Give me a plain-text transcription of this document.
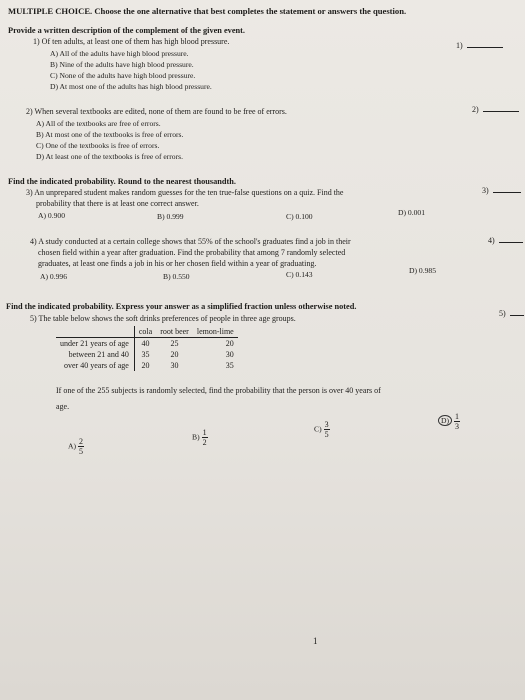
MULTIPLE CHOICE. Choose the one alternative that best completes the statement or answers the question.
Provide a written description of the complement of the given event.
1) Of ten adults, at least one of them has high blood pressure.	1)
A) All of the adults have high blood pressure.
B) Nine of the adults have high blood pressure.
C) None of the adults have high blood pressure.
D) At most one of the adults has high blood pressure.
2) When several textbooks are edited, none of them are found to be free of errors.	2)
A) All of the textbooks are free of errors.
B) At most one of the textbooks is free of errors.
C) One of the textbooks is free of errors.
D) At least one of the textbooks is free of errors.
Find the indicated probability. Round to the nearest thousandth.
3) An unprepared student makes random guesses for the ten true-false questions on a quiz. Find the
probability that there is at least one correct answer.
3)
A) 0.900	B) 0.999	C) 0.100	D) 0.001
4) A study conducted at a certain college shows that 55% of the school's graduates find a job in their
chosen field within a year after graduation. Find the probability that among 7 randomly selected
graduates, at least one finds a job in his or her chosen field within a year of graduating.
4)
A) 0.996	B) 0.550	C) 0.143	D) 0.985
Find the indicated probability. Express your answer as a simplified fraction unless otherwise noted.
5) The table below shows the soft drinks preferences of people in three age groups.
5)
	cola	root beer	lemon-lime
under 21 years of age	40	25	20
between 21 and 40	35	20	30
over 40 years of age	20	30	35
If one of the 255 subjects is randomly selected, find the probability that the person is over 40 years of
age.
$A) \frac{2}{5}$
$B) \frac{1}{2}$	$C) \frac{3}{5}$	$D) \frac{1}{3}$
1
